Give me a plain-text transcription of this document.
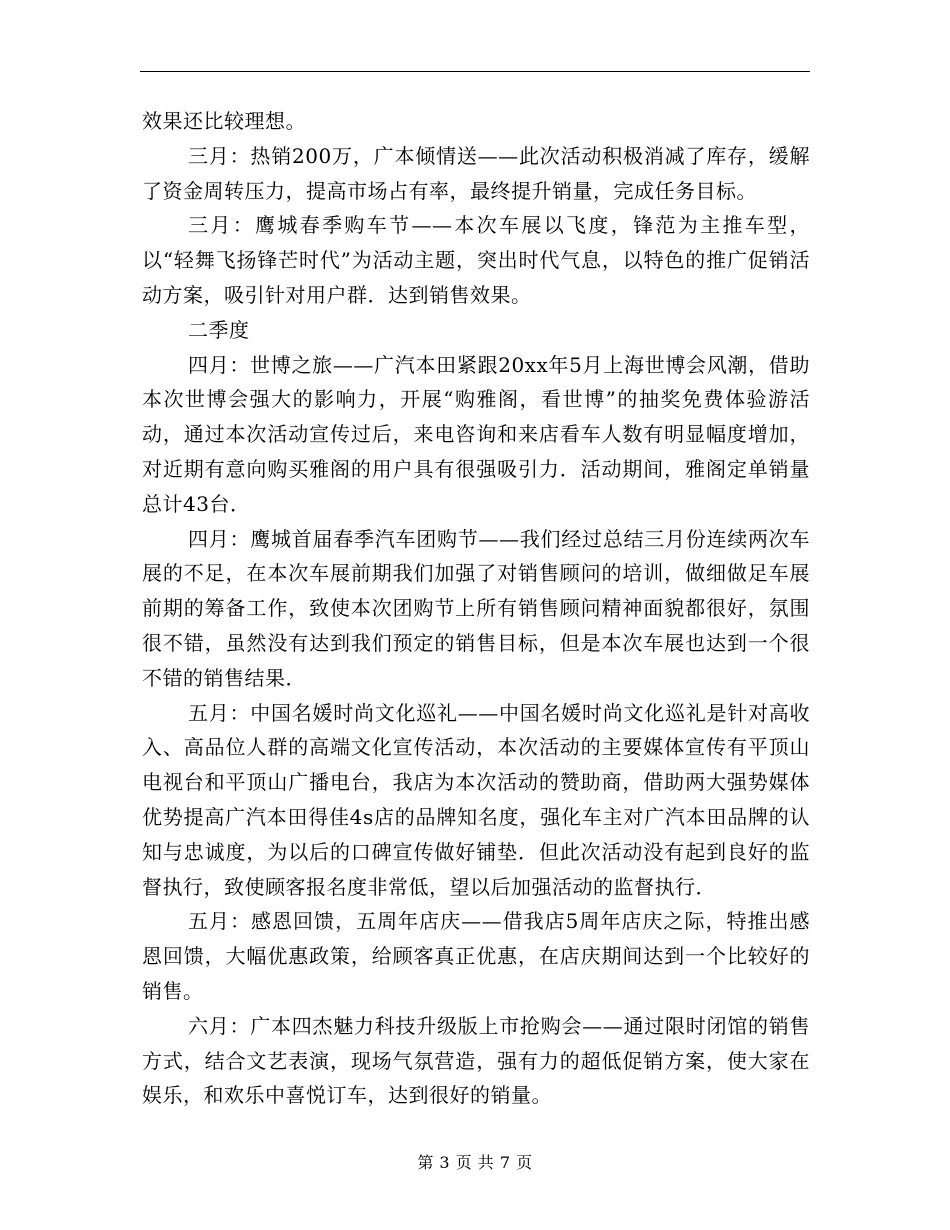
效果还比较理想。

三月：热销200万，广本倾情送——此次活动积极消减了库存，缓解了资金周转压力，提高市场占有率，最终提升销量，完成任务目标。

三月：鹰城春季购车节——本次车展以飞度，锋范为主推车型，以“轻舞飞扬锋芒时代”为活动主题，突出时代气息，以特色的推广促销活动方案，吸引针对用户群．达到销售效果。

二季度

四月：世博之旅——广汽本田紧跟20xx年5月上海世博会风潮，借助本次世博会强大的影响力，开展“购雅阁，看世博”的抽奖免费体验游活动，通过本次活动宣传过后，来电咨询和来店看车人数有明显幅度增加，对近期有意向购买雅阁的用户具有很强吸引力．活动期间，雅阁定单销量总计43台．

四月：鹰城首届春季汽车团购节——我们经过总结三月份连续两次车展的不足，在本次车展前期我们加强了对销售顾问的培训，做细做足车展前期的筹备工作，致使本次团购节上所有销售顾问精神面貌都很好，氛围很不错，虽然没有达到我们预定的销售目标，但是本次车展也达到一个很不错的销售结果．

五月：中国名媛时尚文化巡礼——中国名媛时尚文化巡礼是针对高收入、高品位人群的高端文化宣传活动，本次活动的主要媒体宣传有平顶山电视台和平顶山广播电台，我店为本次活动的赞助商，借助两大强势媒体优势提高广汽本田得佳4s店的品牌知名度，强化车主对广汽本田品牌的认知与忠诚度，为以后的口碑宣传做好铺垫．但此次活动没有起到良好的监督执行，致使顾客报名度非常低，望以后加强活动的监督执行．

五月：感恩回馈，五周年店庆——借我店5周年店庆之际，特推出感恩回馈，大幅优惠政策，给顾客真正优惠，在店庆期间达到一个比较好的销售。

六月：广本四杰魅力科技升级版上市抢购会——通过限时闭馆的销售方式，结合文艺表演，现场气氛营造，强有力的超低促销方案，使大家在娱乐，和欢乐中喜悦订车，达到很好的销量。

第 3 页 共 7 页
